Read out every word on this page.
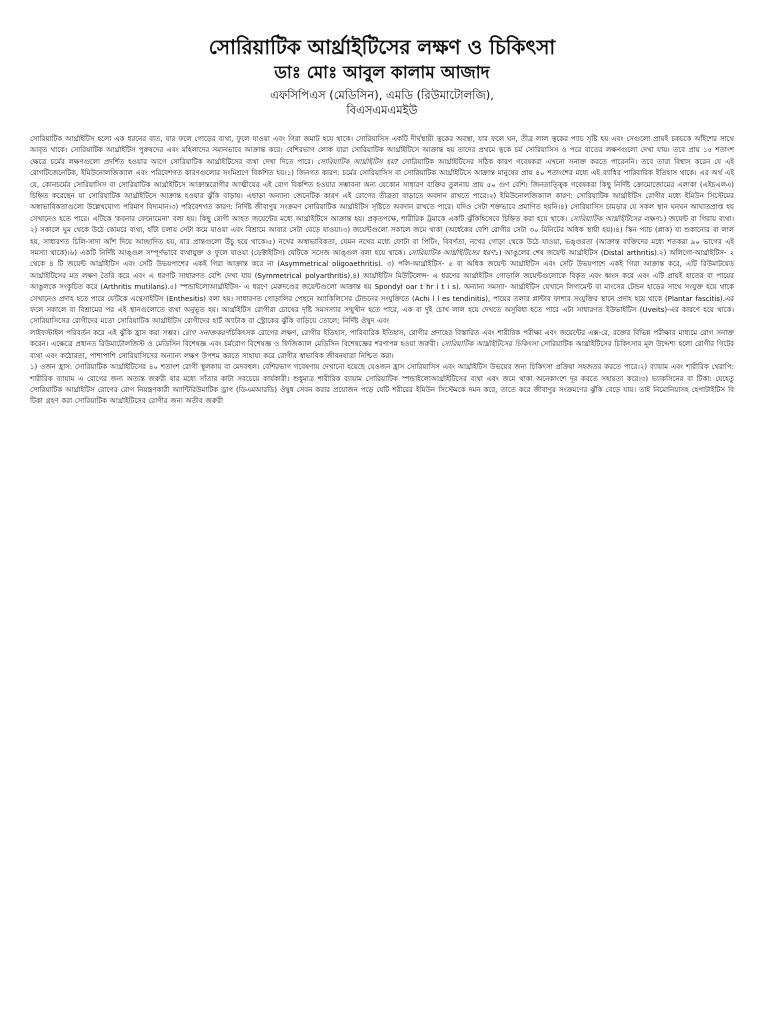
সোরিয়াটিক আর্থ্রাইটিসের লক্ষণ ও চিকিৎসা
ডাঃ মোঃ আবুল কালাম আজাদ
এফসিপিএস (মেডিসিন), এমডি (রিউমাটোলজি),
বিএসএমএমইউ

সোরিয়াটিক আর্থ্রাইটিস হলো এক ধরনের বাত, যার ফলে গোড়ের ব্যথা, ফুলে যাওয়া এবং গিরা জমাট হয়ে থাকে। সোরিয়াসিস একটি দীর্ঘস্থায়ী ত্বকের অবস্থা, যার ফলে ঘন, তীব্র লাল ত্বকের প্যাচ সৃষ্টি হয় এবং সেগুলো প্রায়ই চকচকে আঁইশের সাথে আবৃত থাকে। সোরিয়াটিক আর্থ্রাইটিস পুরুষদের এবং মহিলাদের সমানভাবে আক্রান্ত করে। বেশিরভাগ লোক যারা সোরিয়াটিক আর্থ্রাইটিসে আক্রান্ত হয় তাদের প্রথমে ত্বকে চর্ম সোরিয়াসিস ও পরে বাতের লক্ষণগুলো দেখা যায়। তবে প্রায় ১৫ শতাংশ ক্ষেত্রে চর্মের লক্ষণগুলো প্রদর্শিত হওয়ার আগে সোরিয়াটিক আর্থ্রাইটিসের ব্যথা দেখা দিতে পারে। সোরিয়াটিক আর্থ্রাইটিস হয়? সোরিয়াটিক আর্থ্রাইটিসের সঠিক কারণ গবেষকরা এখনো সনাক্ত করতে পারেননি। তবে তারা বিশ্বাস করেন যে এই রোগটিজেনেটিক, ইমিউনোলজিক্যাল এবং পরিবেশগত কারণগুলোর সংমিশ্রণে বিকশিত হয়।১) জিনগত কারণ: চর্মের সোরিয়াসিস বা সোরিয়াটিক আর্থ্রাইটিসে আক্রান্ত মানুষের প্রায় ৪০ শতাংশের মধ্যে এই ব্যাধির পারিবারিক ইতিহাস থাকে। এর অর্থ এই যে, কোনচর্মের সোরিয়াসিস বা সোরিয়াটিক আর্থ্রাইটিসে আক্রান্তরোগীর আত্মীয়ের এই রোগ বিকশিত হওয়ার সম্ভাবনা অন্য যেকোন সাধারণ ব্যক্তির তুলনায় প্রায় ৫০ গুণ বেশি। জিনতাত্ত্বিক গবেষকরা কিছু নির্দিষ্ট ক্রোমোজোমের এলাকা (এইচএলএ) চিহ্নিত করেছেন যা সোরিয়াটিক আর্থ্রাইটিসে আক্রান্ত হওয়ার ঝুঁকি বাড়ায়। এছাড়া অন্যান্য জেনেটিক কারণ এই রোগের তীব্রতা বাড়াতে অবদান রাখতে পারে।২) ইমিউনোলজিক্যাল কারণ: সোরিয়াটিক আর্থ্রাইটিস রোগীর মধ্যে ইমিউন সিস্টেমের অস্বাভাবিকতাগুলো উল্লেখযোগ্য পরিমাণ বিদ্যমান।৩) পরিবেশগত কারণ: নির্দিষ্ট জীবাণুর সংক্রমণ সোরিয়াটিক আর্থ্রাইটিস সৃষ্টিতে অবদান রাখতে পারে। যদিও সেটা শক্তভাবে প্রমাণিত হয়নি।৪) সোরিয়াসিস চামড়ার যে সকল স্থান ঘনঘন আঘাতপ্রাপ্ত হয় সেখানেও হতে পারে। এটিকে 'কবনার ফেনোমেনা' বলা হয়। কিছু রোগী আহত জয়েন্টের মধ্যে আর্থ্রাইটিসে আক্রান্ত হয়। প্রকৃতপক্ষে, শারীরিক ট্রমাকে একটি ঝুঁকিহিসেবে চিহ্নিত করা হয়ে থাকে। সোরিয়াটিক আর্থ্রাইটিসের লক্ষণ১) জয়েন্ট বা গিরায় ব্যথা।২) সকালে ঘুম থেকে উঠে কোমরে ব্যথা, হাঁটা চলায় সেটা কমে যাওয়া এবং বিশ্রামে আবার সেটা বেড়ে যাওয়া।৩) জয়েন্টগুলো সকালে জমে থাকা (অর্ধেকের বেশি রোগীর সেটা ৩০ মিনিটের অধিক স্থায়ী হয়)।৪) স্কিন প্যাচ (প্লাক) যা শুকানোর বা লাল হয়, সাধারণত চিলি-সাদা আঁশ দিয়ে আচ্ছাদিত হয়, যার প্রান্তগুলো উঁচু হয়ে থাকে।৫) নখের অস্বাভাবিকতা, যেমন নখের মধ্যে ফোটা বা পিটিং, বিবর্ণতা, নখের গোড়া থেকে উঠে যাওয়া, ভঙ্গুরতা (আক্রান্ত ব্যক্তিদের মধ্যে শতকরা ৯০ ভাগের এই সমস্যা থাকে)।৬) একটি নির্দিষ্ট আঙ্গুল সম্পূর্ণভাবে ব্যথাযুক্ত ও ফুলে যাওয়া (ডেক্টাইটিস) যেটিকে সসেজ আঙ্গুল বলা হয়ে থাকে। সোরিয়াটিক আর্থ্রাইটিসের ধরণ১) আঙুলের শেষ জয়েন্ট আর্থ্রাইটিস (Distal arthritis).২) অলিগো-আর্থ্রাইটিস- ২ থেকে ৪ টি জয়েন্ট আর্থ্রাইটিস এবং সেটি উভয়পাশের একই গিরা আক্রান্ত করে না (Asymmetrical oligoaethritis). ৩) পলি-আর্থ্রাইটিস- ৫ বা অধিক জয়েন্ট আর্থ্রাইটিস এবং সেটি উভয়পাশে একই গিরা আক্রান্ত করে, এটি রিউমাটয়েড আর্থ্রাইটিসের মত লক্ষণ তৈরি করে এবং এ ধরণটি সাধারণত বেশি দেখা যায় (Symmetrical polyarthritis).৪) আর্থ্রাইটিস মিউটিলেন্স- এ ধরণের আর্থ্রাইটিস গোড়ালি জয়েন্টগুলোকে বিকৃত এবং ধ্বংস করে এবং এটি প্রায়ই হাতের বা পায়ের আঙুলকে সংকুচিত করে (Arthritis mutilans).৫) স্পন্ডাইলোআর্থ্রাইটিস- এ ধরণে মেরুদণ্ডের জয়েন্টগুলো আক্রান্ত হয় Spondyl oar t hr i t i s). অন্যান্য সমস্যা- আর্থ্রাইটিস যেখানে লিগামেন্ট বা মাংসের টেন্ডন হাড়ের সাথে সংযুক্ত হয়ে থাকে সেখানেও প্রদাহ হতে পারে যেটিকে এন্থেসাইটিস (Enthesitis) বলা হয়। সাধারণত গোড়ালির পেছনে অ্যাকিলিসের টেন্ডনের সংযুক্তিতে (Achi l l es tendinitis), পায়ের তলার প্লান্টার ফাশার সংযুক্তির স্থানে প্রদাহ হয়ে থাকে (Plantar fascitis).এর ফলে সকালে বা বিশ্রামের পর এই স্থানগুলোতে ব্যথা অনুভূত হয়। আর্থ্রাইটিস রোগীরা চোখের দৃষ্টি সমসস্যার সম্মুখীন হতে পারে, এক বা দুই চোখ লাল হয়ে দেখতে অসুবিধা হতে পারে এটা সাধারণত ইউভাইটিস (Uveits)-এর কারণে হয়ে থাকে। সোরিয়াসিসের রোগীদের মতো সোরিয়াটিক আর্থ্রাইটিস রোগীদের হার্ট অ্যাটাক বা স্ট্রোকের ঝুঁকি বাড়িয়ে তোলে; নির্দিষ্ট ঔষুদ এবং

লাইফস্টাইল পরিবর্তন করে এই ঝুঁকি হ্রাস করা সম্ভব। রোগ সনাক্তকরণচিকিৎসক রোগের লক্ষণ, রোগীর ইতিহাস, পারিবারিক ইতিহাস, রোগীর প্রদাহের বিস্তারিত এবং শারীরিক পরীক্ষা এবং জয়েন্টের এক্স-রে, রক্তের বিভিন্ন পরীক্ষার মাধ্যমে রোগ সনাক্ত করেন। এক্ষেত্রে প্রধানত রিউমাটোলজিস্ট ও মেডিসিন বিশেষজ্ঞ এবং চর্মরোগ বিশেষজ্ঞ ও ফিজিক্যাল মেডিসিন বিশেষজ্ঞের শরণাপন্ন হওয়া জরুরী। সোরিয়াটিক আর্থ্রাইটিসের চিকিৎসা সোরিয়াটিক আর্থ্রাইটিসের চিকিৎসার মূল উদ্দেশ্য হলো রোগীর গিটের ব্যথা এবং কঠোরতা, পাশাপাশি সোরিয়াসিসের অন্যান্য লক্ষণ উপশম করতে সাহায্য করে রোগীর স্বাভাবিক জীবনযাত্রা নিশ্চিত করা।

১) ওজন হ্রাস: সোরিয়াটিক আর্থ্রাইটিসের ৪০ শতাংশ রোগী স্থূলকায় বা মেদবহুল। বেশিরভাগ গবেষণায় দেখানো হয়েছে যেওজন হ্রাস সোরিয়াসিস এবং আর্থ্রাইটিস উভয়ের জন্য চিকিৎসা প্রক্রিয়া সহজতর করতে পারে।২) ব্যায়াম এবং শারীরিক থেরাপি: শারীরিক ব্যায়াম এ রোগের জন্য অত্যন্ত জরুরী যার মধ্যে সাঁতার কাটা সবচেয়ে কার্যকারী। শুধুমাত্র শারীরিক ব্যায়াম সোরিয়াটিক স্পন্ডাইলোআর্থ্রাইটিসের ব্যথা এবং জমে থাকা অনেকাংশে দূর করতে সহায়তা করে।৩) ভ্যাকসিনের বা টিকা: যেহেতু সোরিয়াটিক আর্থ্রাইটিস রোগের রোগ নিয়ন্ত্রণকারী অ্যান্টিরিউমাটিক ড্রাগ (ডিএমআরডি) ঔষুধ সেবন করার প্রয়োজন পড়ে যেটি শরীরের ইমিউন সিস্টেমকে দমন করে, তাতে করে জীবাণুর সংক্রমণের ঝুঁকি বেড়ে যায়। তাই নিমোনিয়াসহ হেপাটাইটিস বি টিকা গ্রহণ করা সোরিয়াটিক আর্থ্রাইটিসের রোগীর জন্য অতীব জরুরী
